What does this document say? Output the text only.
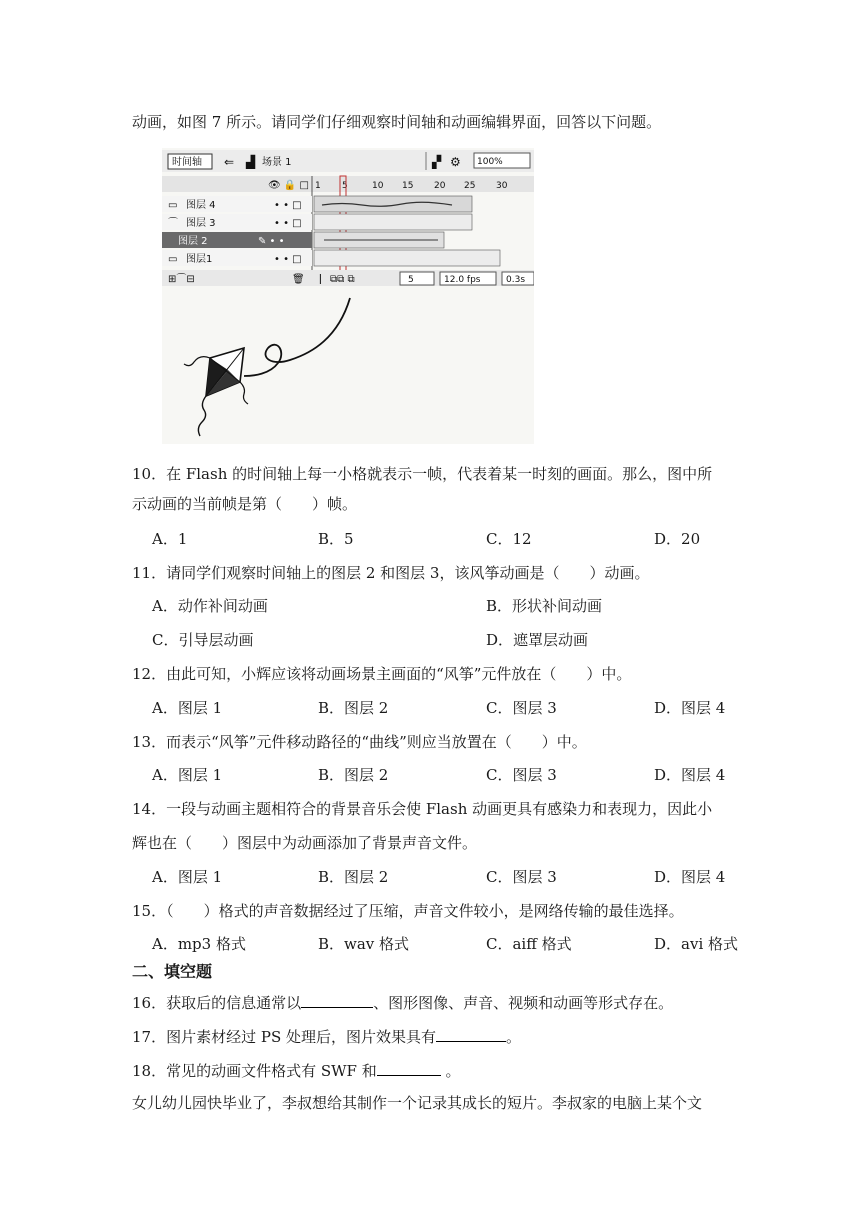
动画，如图 7 所示。请同学们仔细观察时间轴和动画编辑界面，回答以下问题。
时间轴 ⇐ ▟ 场景 1	▞ ⚙ 100%
1 5	10 15 20 25 30
👁 🔒 □
▭ 图层 4	• • □
⌒ 图层 3	• • □
图层 2	✎ • •
▭ 图层1	• • □
⊞⌒⊟	🗑 ⎸⧉⧉ ⧉	5	12.0 fps	0.3s
10．在 Flash 的时间轴上每一小格就表示一帧，代表着某一时刻的画面。那么，图中所
示动画的当前帧是第（　　）帧。
A．1	B．5	C．12	D．20
11．请同学们观察时间轴上的图层 2 和图层 3，该风筝动画是（　　）动画。
A．动作补间动画	B．形状补间动画
C．引导层动画	D．遮罩层动画
12．由此可知，小辉应该将动画场景主画面的“风筝”元件放在（　　）中。
A．图层 1	B．图层 2	C．图层 3	D．图层 4
13．而表示“风筝”元件移动路径的“曲线”则应当放置在（　　）中。
A．图层 1	B．图层 2	C．图层 3	D．图层 4
14．一段与动画主题相符合的背景音乐会使 Flash 动画更具有感染力和表现力，因此小
辉也在（　　）图层中为动画添加了背景声音文件。
A．图层 1	B．图层 2	C．图层 3	D．图层 4
15．（　　）格式的声音数据经过了压缩，声音文件较小，是网络传输的最佳选择。
A．mp3 格式	B．wav 格式	C．aiff 格式	D．avi 格式
二、填空题
16．获取后的信息通常以	、图形图像、声音、视频和动画等形式存在。
17．图片素材经过 PS 处理后，图片效果具有	。
18．常见的动画文件格式有 SWF 和	。
女儿幼儿园快毕业了，李叔想给其制作一个记录其成长的短片。李叔家的电脑上某个文
